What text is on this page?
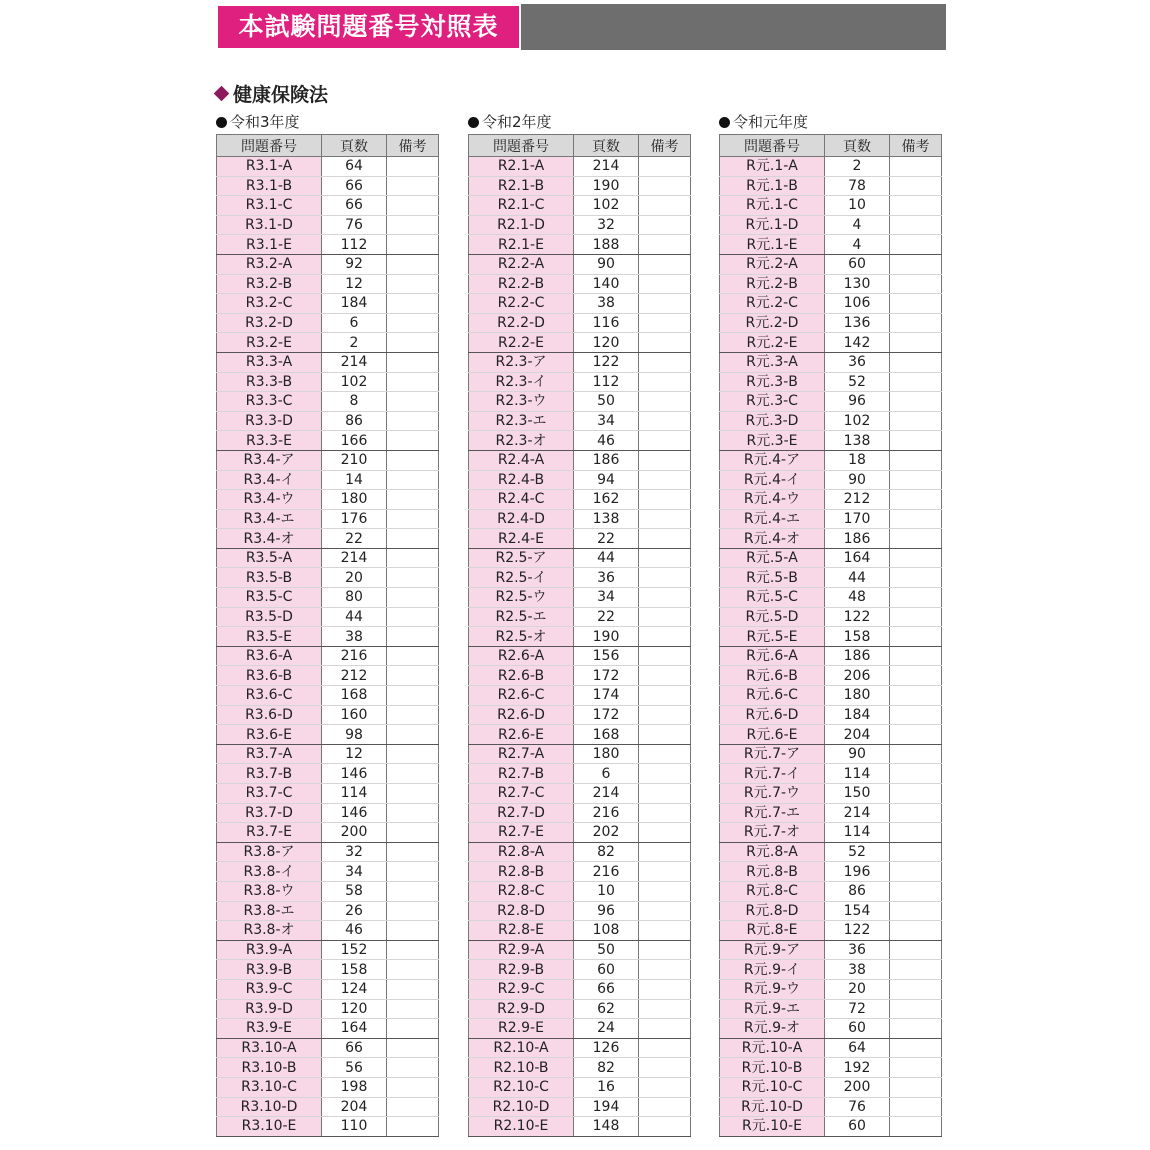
本試験問題番号対照表
健康保険法
令和3年度
問題番号	頁数	備考
R3.1-A	64	
R3.1-B	66	
R3.1-C	66	
R3.1-D	76	
R3.1-E	112	
R3.2-A	92	
R3.2-B	12	
R3.2-C	184	
R3.2-D	6	
R3.2-E	2	
R3.3-A	214	
R3.3-B	102	
R3.3-C	8	
R3.3-D	86	
R3.3-E	166	
R3.4-ア	210	
R3.4-イ	14	
R3.4-ウ	180	
R3.4-エ	176	
R3.4-オ	22	
R3.5-A	214	
R3.5-B	20	
R3.5-C	80	
R3.5-D	44	
R3.5-E	38	
R3.6-A	216	
R3.6-B	212	
R3.6-C	168	
R3.6-D	160	
R3.6-E	98	
R3.7-A	12	
R3.7-B	146	
R3.7-C	114	
R3.7-D	146	
R3.7-E	200	
R3.8-ア	32	
R3.8-イ	34	
R3.8-ウ	58	
R3.8-エ	26	
R3.8-オ	46	
R3.9-A	152	
R3.9-B	158	
R3.9-C	124	
R3.9-D	120	
R3.9-E	164	
R3.10-A	66	
R3.10-B	56	
R3.10-C	198	
R3.10-D	204	
R3.10-E	110	
令和2年度
問題番号	頁数	備考
R2.1-A	214	
R2.1-B	190	
R2.1-C	102	
R2.1-D	32	
R2.1-E	188	
R2.2-A	90	
R2.2-B	140	
R2.2-C	38	
R2.2-D	116	
R2.2-E	120	
R2.3-ア	122	
R2.3-イ	112	
R2.3-ウ	50	
R2.3-エ	34	
R2.3-オ	46	
R2.4-A	186	
R2.4-B	94	
R2.4-C	162	
R2.4-D	138	
R2.4-E	22	
R2.5-ア	44	
R2.5-イ	36	
R2.5-ウ	34	
R2.5-エ	22	
R2.5-オ	190	
R2.6-A	156	
R2.6-B	172	
R2.6-C	174	
R2.6-D	172	
R2.6-E	168	
R2.7-A	180	
R2.7-B	6	
R2.7-C	214	
R2.7-D	216	
R2.7-E	202	
R2.8-A	82	
R2.8-B	216	
R2.8-C	10	
R2.8-D	96	
R2.8-E	108	
R2.9-A	50	
R2.9-B	60	
R2.9-C	66	
R2.9-D	62	
R2.9-E	24	
R2.10-A	126	
R2.10-B	82	
R2.10-C	16	
R2.10-D	194	
R2.10-E	148	
令和元年度
問題番号	頁数	備考
R元.1-A	2	
R元.1-B	78	
R元.1-C	10	
R元.1-D	4	
R元.1-E	4	
R元.2-A	60	
R元.2-B	130	
R元.2-C	106	
R元.2-D	136	
R元.2-E	142	
R元.3-A	36	
R元.3-B	52	
R元.3-C	96	
R元.3-D	102	
R元.3-E	138	
R元.4-ア	18	
R元.4-イ	90	
R元.4-ウ	212	
R元.4-エ	170	
R元.4-オ	186	
R元.5-A	164	
R元.5-B	44	
R元.5-C	48	
R元.5-D	122	
R元.5-E	158	
R元.6-A	186	
R元.6-B	206	
R元.6-C	180	
R元.6-D	184	
R元.6-E	204	
R元.7-ア	90	
R元.7-イ	114	
R元.7-ウ	150	
R元.7-エ	214	
R元.7-オ	114	
R元.8-A	52	
R元.8-B	196	
R元.8-C	86	
R元.8-D	154	
R元.8-E	122	
R元.9-ア	36	
R元.9-イ	38	
R元.9-ウ	20	
R元.9-エ	72	
R元.9-オ	60	
R元.10-A	64	
R元.10-B	192	
R元.10-C	200	
R元.10-D	76	
R元.10-E	60	
